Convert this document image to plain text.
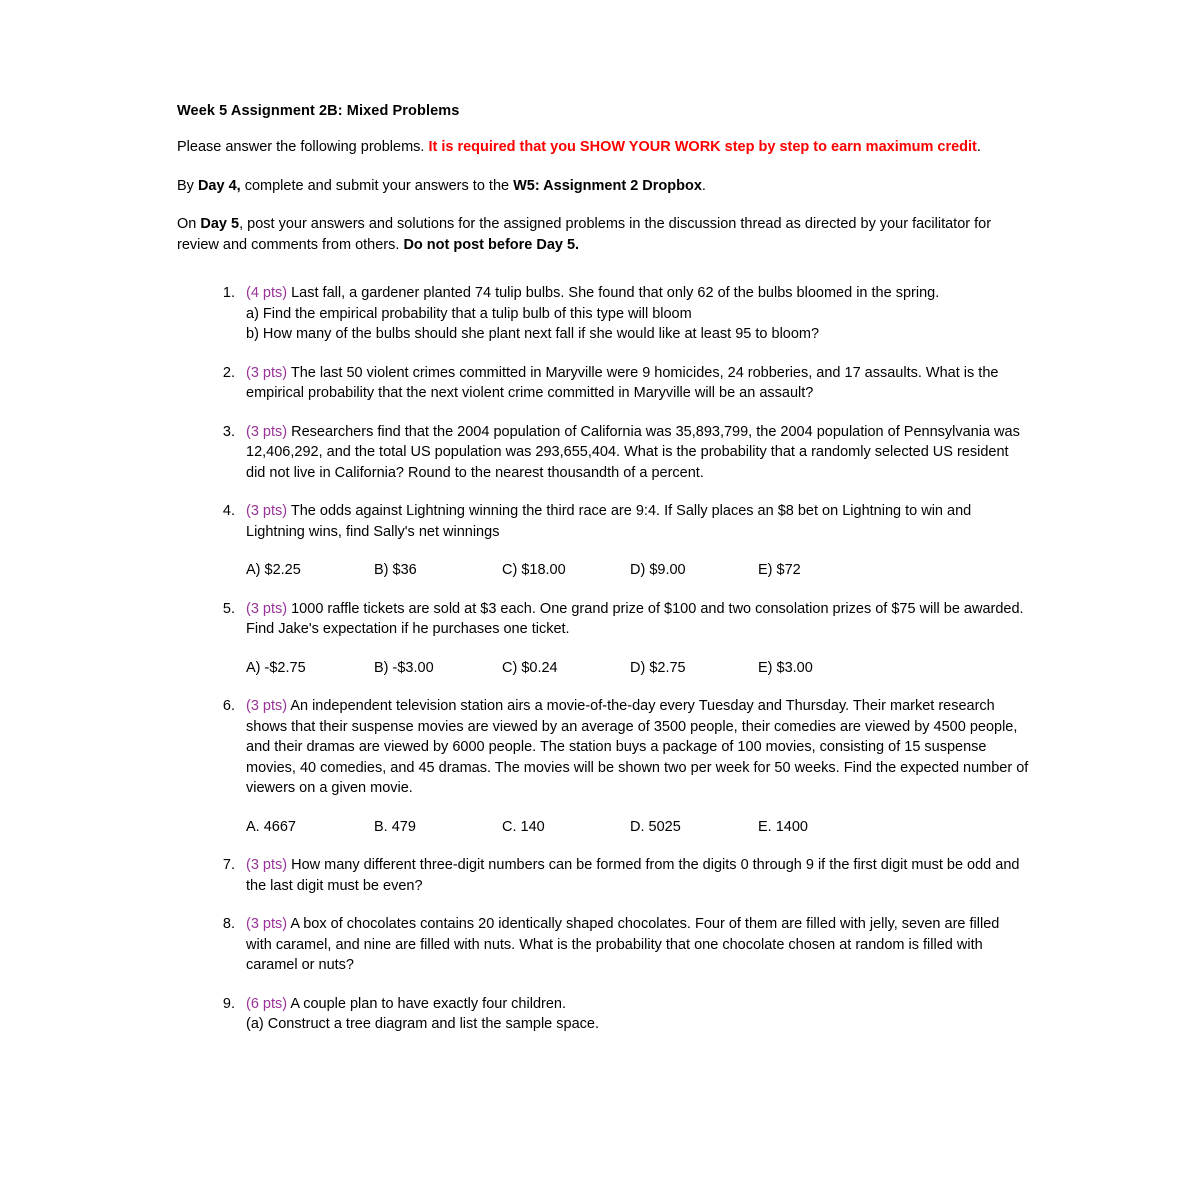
Week 5 Assignment 2B: Mixed Problems

Please answer the following problems. It is required that you SHOW YOUR WORK step by step to earn maximum credit.

By Day 4, complete and submit your answers to the W5: Assignment 2 Dropbox.

On Day 5, post your answers and solutions for the assigned problems in the discussion thread as directed by your facilitator for review and comments from others. Do not post before Day 5.

1. (4 pts) Last fall, a gardener planted 74 tulip bulbs. She found that only 62 of the bulbs bloomed in the spring.
a) Find the empirical probability that a tulip bulb of this type will bloom
b) How many of the bulbs should she plant next fall if she would like at least 95 to bloom?
2. (3 pts) The last 50 violent crimes committed in Maryville were 9 homicides, 24 robberies, and 17 assaults. What is the empirical probability that the next violent crime committed in Maryville will be an assault?
3. (3 pts) Researchers find that the 2004 population of California was 35,893,799, the 2004 population of Pennsylvania was 12,406,292, and the total US population was 293,655,404. What is the probability that a randomly selected US resident did not live in California? Round to the nearest thousandth of a percent.
4. (3 pts) The odds against Lightning winning the third race are 9:4. If Sally places an $8 bet on Lightning to win and Lightning wins, find Sally's net winnings
A) $2.25	B) $36	C) $18.00	D) $9.00	E) $72
5. (3 pts) 1000 raffle tickets are sold at $3 each. One grand prize of $100 and two consolation prizes of $75 will be awarded. Find Jake's expectation if he purchases one ticket.
A) -$2.75	B) -$3.00	C) $0.24	D) $2.75	E) $3.00
6. (3 pts) An independent television station airs a movie-of-the-day every Tuesday and Thursday. Their market research shows that their suspense movies are viewed by an average of 3500 people, their comedies are viewed by 4500 people, and their dramas are viewed by 6000 people. The station buys a package of 100 movies, consisting of 15 suspense movies, 40 comedies, and 45 dramas. The movies will be shown two per week for 50 weeks. Find the expected number of viewers on a given movie.
A. 4667	B. 479	C. 140	D. 5025	E. 1400
7. (3 pts) How many different three-digit numbers can be formed from the digits 0 through 9 if the first digit must be odd and the last digit must be even?
8. (3 pts) A box of chocolates contains 20 identically shaped chocolates. Four of them are filled with jelly, seven are filled with caramel, and nine are filled with nuts. What is the probability that one chocolate chosen at random is filled with caramel or nuts?
9. (6 pts) A couple plan to have exactly four children.
(a) Construct a tree diagram and list the sample space.
